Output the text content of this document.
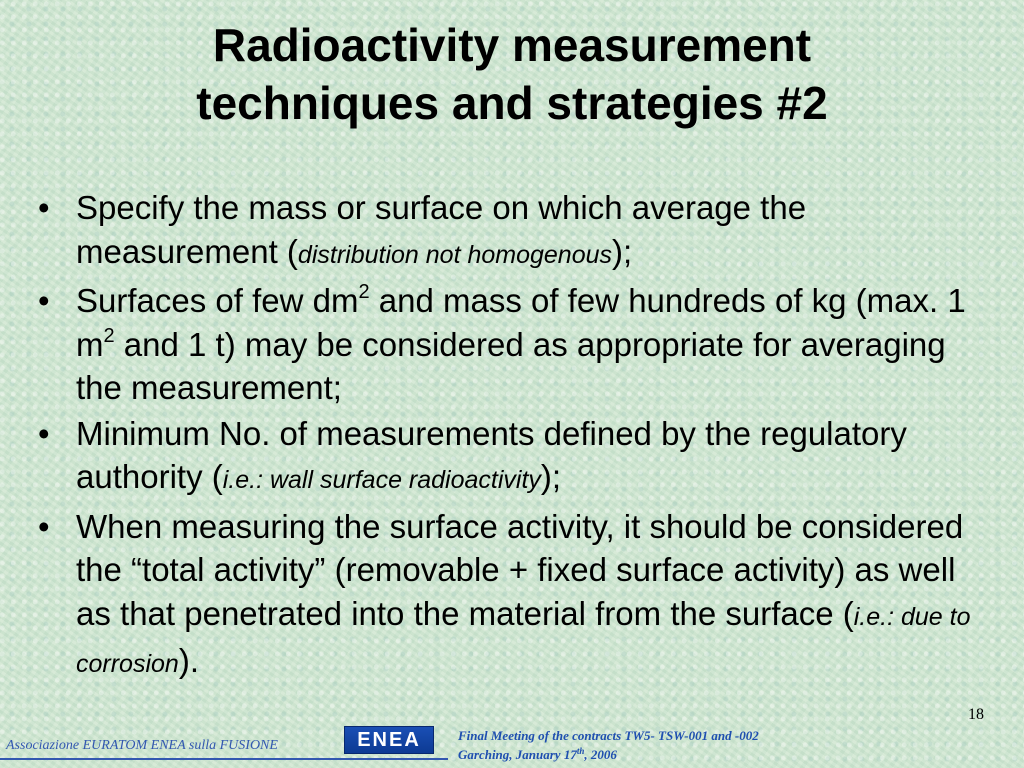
Radioactivity measurement
techniques and strategies #2
• Specify the mass or surface on which average the measurement (distribution not homogenous);
• Surfaces of few $dm^2$ and mass of few hundreds of kg (max. 1 $m^2$ and 1 t) may be considered as appropriate for averaging the measurement;
• Minimum No. of measurements defined by the regulatory authority (i.e.: wall surface radioactivity);
• When measuring the surface activity, it should be considered the “total activity” (removable + fixed surface activity) as well as that penetrated into the material from the surface (i.e.: due to corrosion).
18
Associazione EURATOM ENEA sulla FUSIONE	ENEA	Final Meeting of the contracts TW5- TSW-001 and -002
Garching, January 17th, 2006
